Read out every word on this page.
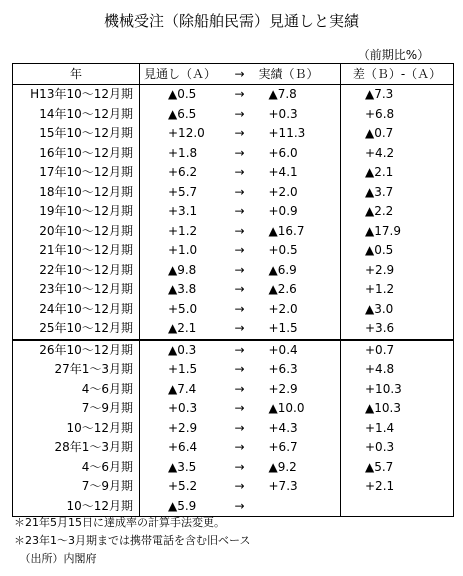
機械受注（除船舶民需）見通しと実績
（前期比%）
年	見通し（Ａ）	→	実績（Ｂ）	差（Ｂ）-（Ａ）
H13年10～12月期	▲0.5	→	▲7.8	▲7.3
14年10～12月期	▲6.5	→	+0.3	+6.8
15年10～12月期	+12.0	→	+11.3	▲0.7
16年10～12月期	+1.8	→	+6.0	+4.2
17年10～12月期	+6.2	→	+4.1	▲2.1
18年10～12月期	+5.7	→	+2.0	▲3.7
19年10～12月期	+3.1	→	+0.9	▲2.2
20年10～12月期	+1.2	→	▲16.7	▲17.9
21年10～12月期	+1.0	→	+0.5	▲0.5
22年10～12月期	▲9.8	→	▲6.9	+2.9
23年10～12月期	▲3.8	→	▲2.6	+1.2
24年10～12月期	+5.0	→	+2.0	▲3.0
25年10～12月期	▲2.1	→	+1.5	+3.6
26年10～12月期	▲0.3	→	+0.4	+0.7
27年1～3月期	+1.5	→	+6.3	+4.8
4～6月期	▲7.4	→	+2.9	+10.3
7～9月期	+0.3	→	▲10.0	▲10.3
10～12月期	+2.9	→	+4.3	+1.4
28年1～3月期	+6.4	→	+6.7	+0.3
4～6月期	▲3.5	→	▲9.2	▲5.7
7～9月期	+5.2	→	+7.3	+2.1
10～12月期	▲5.9	→		
＊21年5月15日に達成率の計算手法変更。
＊23年1～3月期までは携帯電話を含む旧ベース
　（出所）内閣府
